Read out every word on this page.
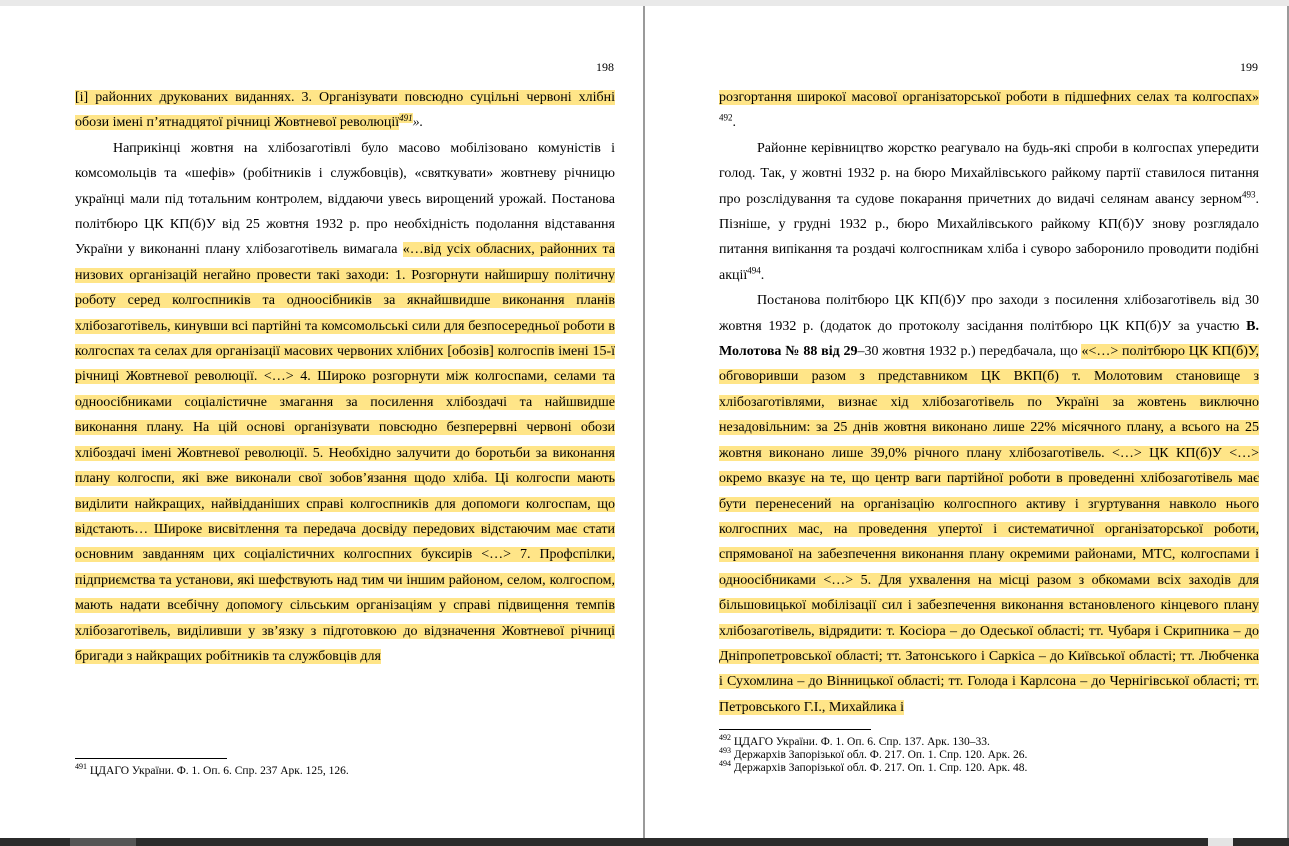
198

[і] районних друкованих виданнях. 3. Організувати повсюдно суцільні червоні хлібні обози імені п’ятнадцятої річниці Жовтневої революції$^{491}$».

Наприкінці жовтня на хлібозаготівлі було масово мобілізовано комуністів і комсомольців та «шефів» (робітників і службовців), «святкувати» жовтневу річницю українці мали під тотальним контролем, віддаючи увесь вирощений урожай. Постанова політбюро ЦК КП(б)У від 25 жовтня 1932 р. про необхідність подолання відставання України у виконанні плану хлібозаготівель вимагала «…від усіх обласних, районних та низових організацій негайно провести такі заходи: 1. Розгорнути найширшу політичну роботу серед колгоспників та одноосібників за якнайшвидше виконання планів хлібозаготівель, кинувши всі партійні та комсомольські сили для безпосередньої роботи в колгоспах та селах для організації масових червоних хлібних [обозів] колгоспів імені 15-ї річниці Жовтневої революції. <…> 4. Широко розгорнути між колгоспами, селами та одноосібниками соціалістичне змагання за посилення хлібоздачі та найшвидше виконання плану. На цій основі організувати повсюдно безперервні червоні обози хлібоздачі імені Жовтневої революції. 5. Необхідно залучити до боротьби за виконання плану колгоспи, які вже виконали свої зобов’язання щодо хліба. Ці колгоспи мають виділити найкращих, найвідданіших справі колгоспників для допомоги колгоспам, що відстають… Широке висвітлення та передача досвіду передових відстаючим має стати основним завданням цих соціалістичних колгоспних буксирів <…> 7. Профспілки, підприємства та установи, які шефствують над тим чи іншим районом, селом, колгоспом, мають надати всебічну допомогу сільським організаціям у справі підвищення темпів хлібозаготівель, виділивши у зв’язку з підготовкою до відзначення Жовтневої річниці бригади з найкращих робітників та службовців для

$^{491}$ ЦДАГО України. Ф. 1. Оп. 6. Спр. 237 Арк. 125, 126.
199

розгортання широкої масової організаторської роботи в підшефних селах та колгоспах» $^{492}$.

Районне керівництво жорстко реагувало на будь-які спроби в колгоспах упередити голод. Так, у жовтні 1932 р. на бюро Михайлівського райкому партії ставилося питання про розслідування та судове покарання причетних до видачі селянам авансу зерном$^{493}$. Пізніше, у грудні 1932 р., бюро Михайлівського райкому КП(б)У знову розглядало питання випікання та роздачі колгоспникам хліба і суворо заборонило проводити подібні акції$^{494}$.

Постанова політбюро ЦК КП(б)У про заходи з посилення хлібозаготівель від 30 жовтня 1932 р. (додаток до протоколу засідання політбюро ЦК КП(б)У за участю В. Молотова № 88 від 29–30 жовтня 1932 р.) передбачала, що «<…> політбюро ЦК КП(б)У, обговоривши разом з представником ЦК ВКП(б) т. Молотовим становище з хлібозаготівлями, визнає хід хлібозаготівель по Україні за жовтень виключно незадовільним: за 25 днів жовтня виконано лише 22% місячного плану, а всього на 25 жовтня виконано лише 39,0% річного плану хлібозаготівель. <…> ЦК КП(б)У <…> окремо вказує на те, що центр ваги партійної роботи в проведенні хлібозаготівель має бути перенесений на організацію колгоспного активу і згуртування навколо нього колгоспних мас, на проведення упертої і систематичної організаторської роботи, спрямованої на забезпечення виконання плану окремими районами, МТС, колгоспами і одноосібниками <…> 5. Для ухвалення на місці разом з обкомами всіх заходів для більшовицької мобілізації сил і забезпечення виконання встановленого кінцевого плану хлібозаготівель, відрядити: т. Косіора – до Одеської області; тт. Чубаря і Скрипника – до Дніпропетровської області; тт. Затонського і Саркіса – до Київської області; тт. Любченка і Сухомлина – до Вінницької області; тт. Голода і Карлсона – до Чернігівської області; тт. Петровського Г.І., Михайлика і

$^{492}$ ЦДАГО України. Ф. 1. Оп. 6. Спр. 137. Арк. 130–33.
$^{493}$ Держархів Запорізької обл. Ф. 217. Оп. 1. Спр. 120. Арк. 26.
$^{494}$ Держархів Запорізької обл. Ф. 217. Оп. 1. Спр. 120. Арк. 48.
